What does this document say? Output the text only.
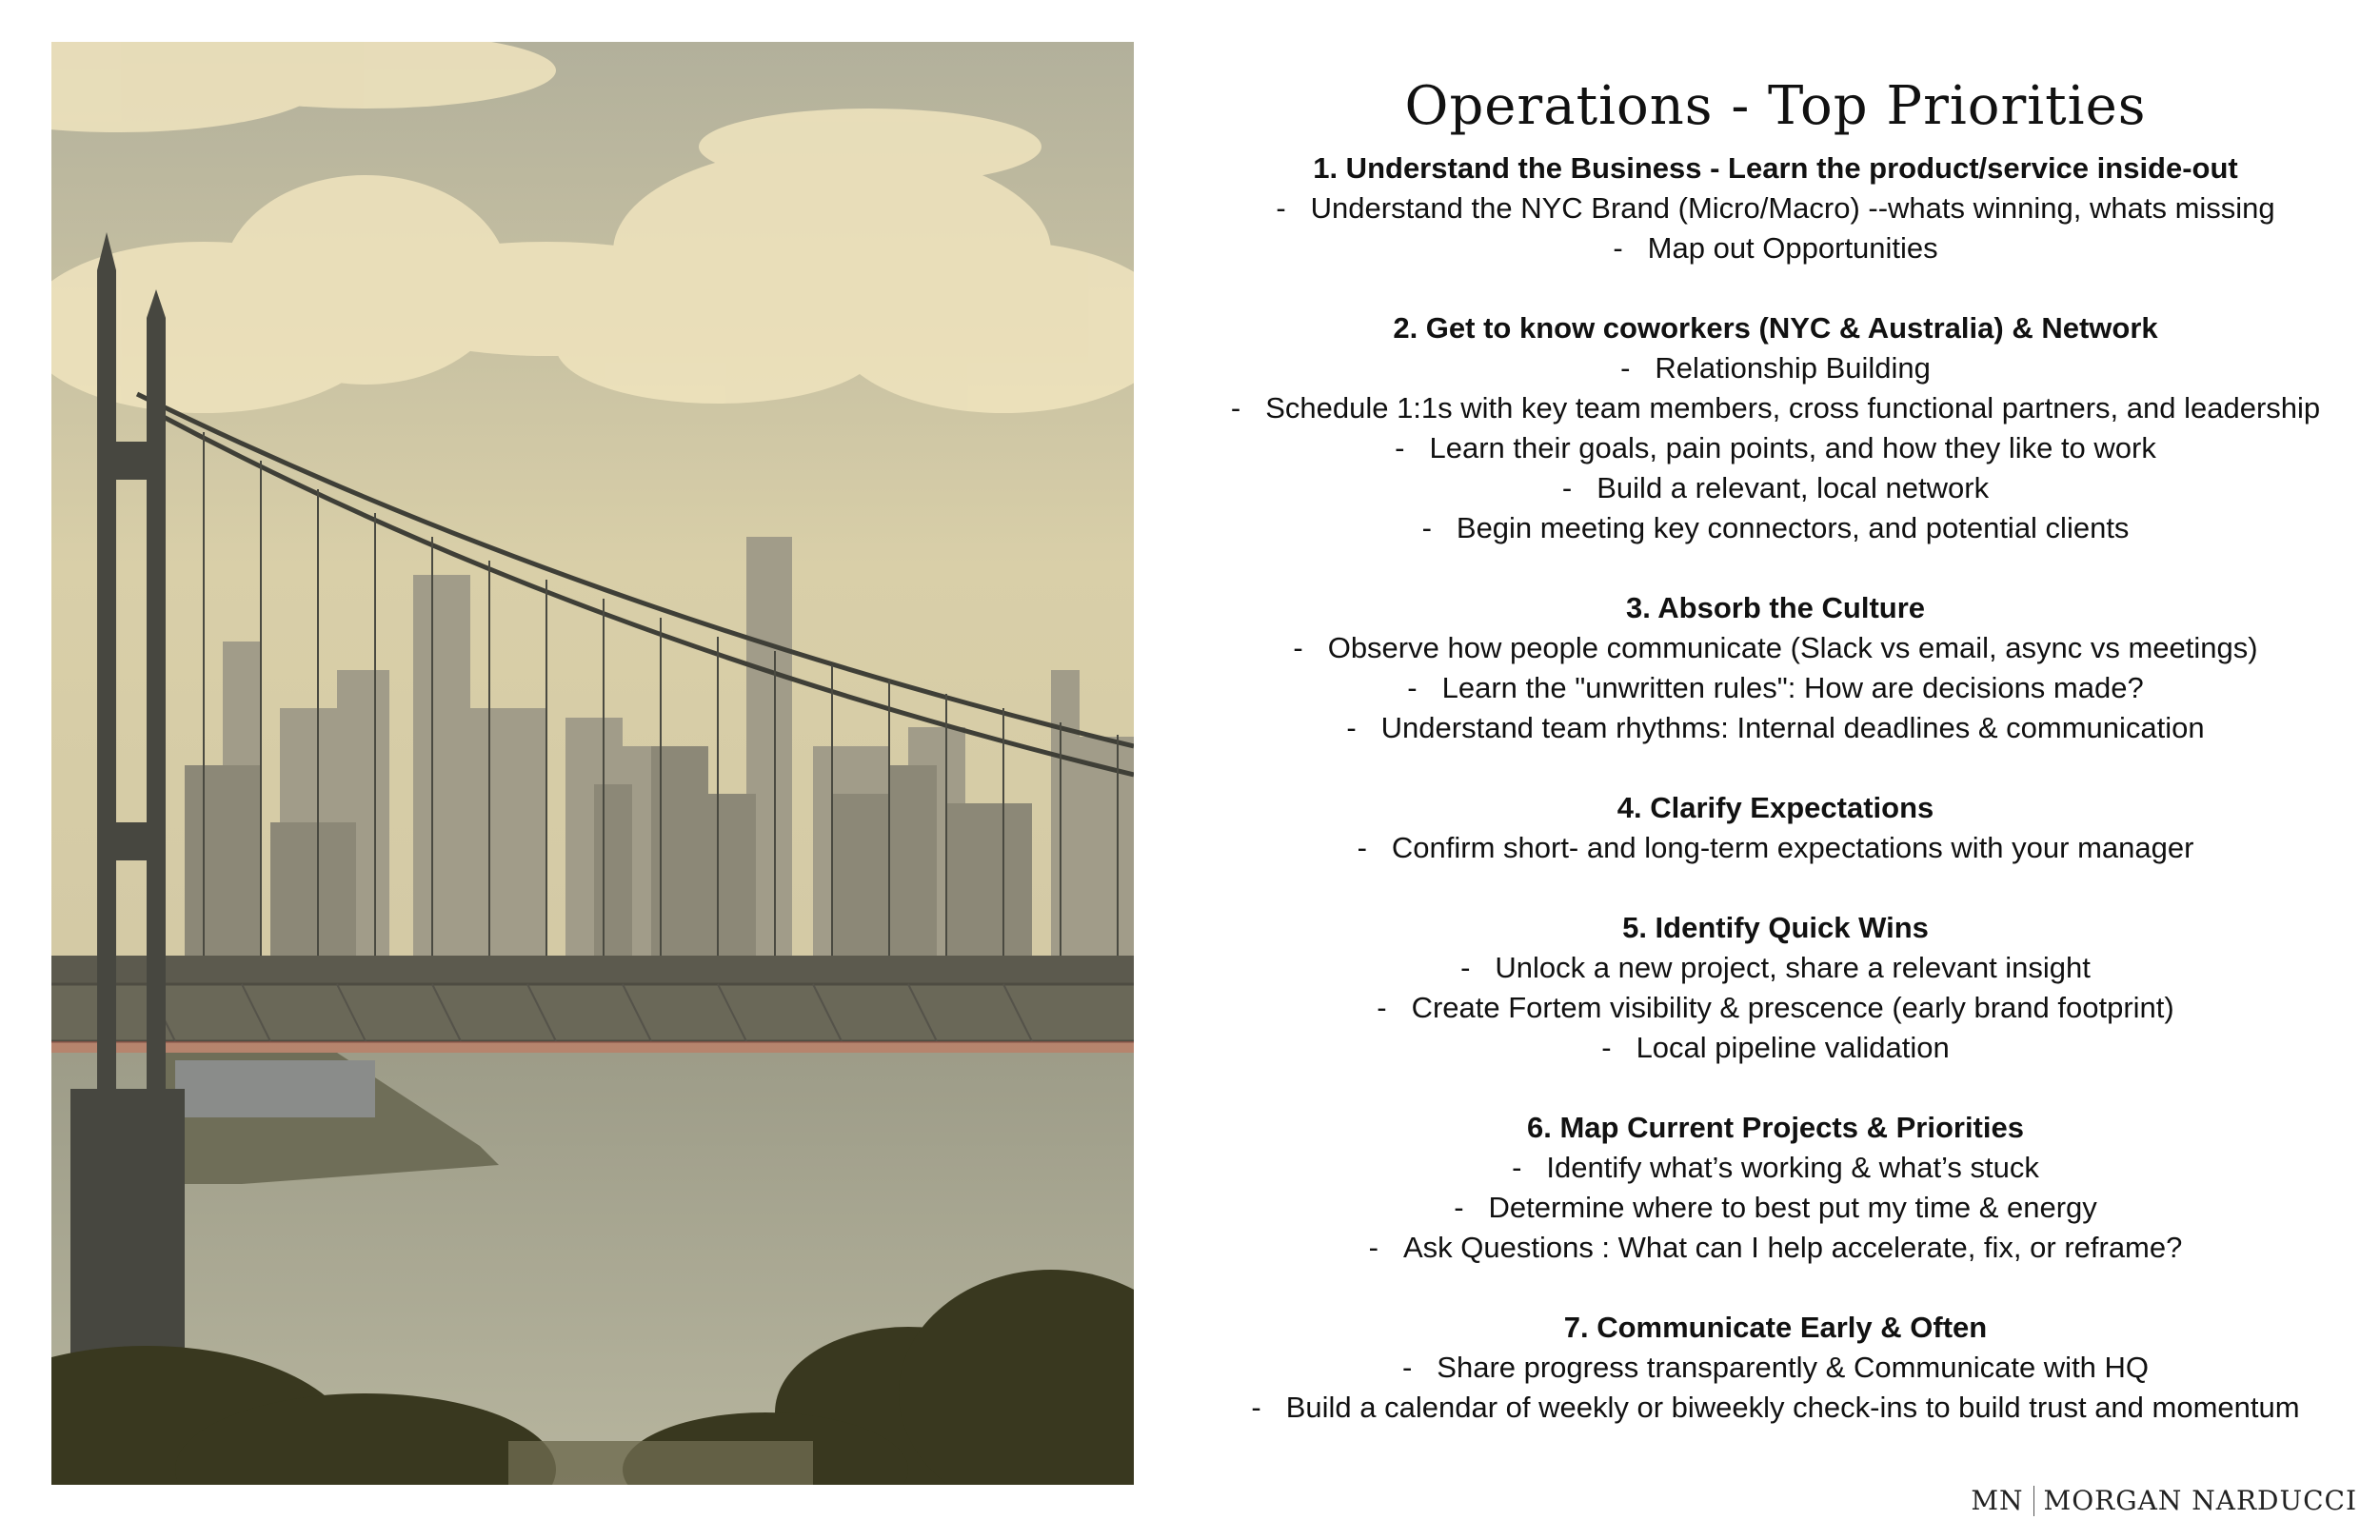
Operations - Top Priorities

1. Understand the Business - Learn the product/service inside-out

- Understand the NYC Brand (Micro/Macro) --whats winning, whats missing
- Map out Opportunities

2. Get to know coworkers (NYC & Australia) & Network

- Relationship Building
- Schedule 1:1s with key team members, cross functional partners, and leadership
- Learn their goals, pain points, and how they like to work
- Build a relevant, local network
- Begin meeting key connectors, and potential clients

3. Absorb the Culture

- Observe how people communicate (Slack vs email, async vs meetings)
- Learn the "unwritten rules": How are decisions made?
- Understand team rhythms: Internal deadlines & communication

4. Clarify Expectations

- Confirm short- and long-term expectations with your manager

5. Identify Quick Wins

- Unlock a new project, share a relevant insight
- Create Fortem visibility & prescence (early brand footprint)
- Local pipeline validation

6. Map Current Projects & Priorities

- Identify what’s working & what’s stuck
- Determine where to best put my time & energy
- Ask Questions : What can I help accelerate, fix, or reframe?

7. Communicate Early & Often

- Share progress transparently & Communicate with HQ
- Build a calendar of weekly or biweekly check-ins to build trust and momentum
MN MORGAN NARDUCCI
